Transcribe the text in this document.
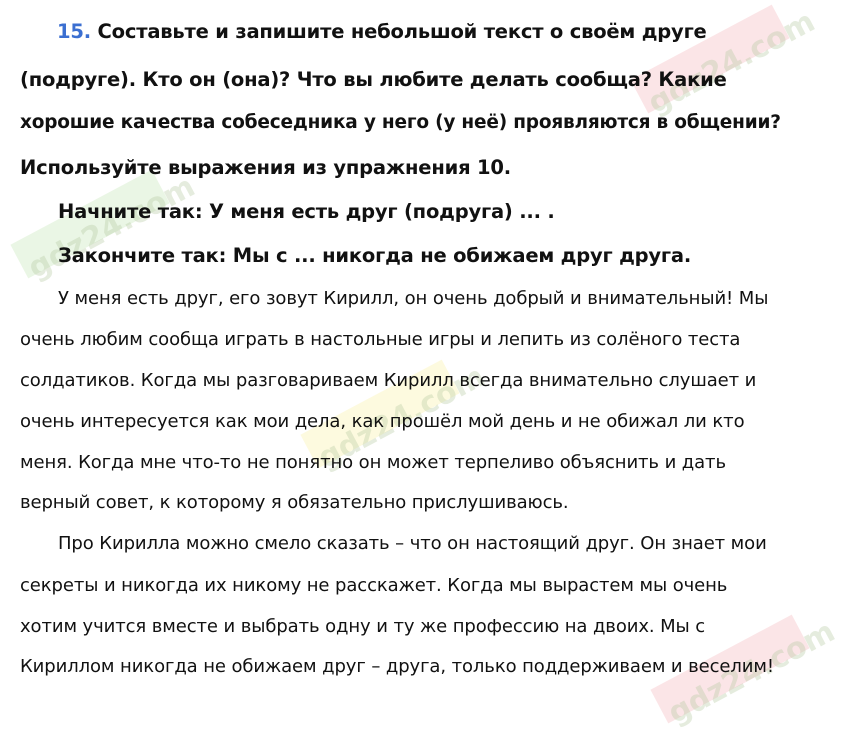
gdz24.com
gdz24.com
gdz24.com
gdz24.com
15. Составьте и запишите небольшой текст о своём друге
(подруге). Кто он (она)? Что вы любите делать сообща? Какие
хорошие качества собеседника у него (у неё) проявляются в общении?
Используйте выражения из упражнения 10.
Начните так: У меня есть друг (подруга) ... .
Закончите так: Мы с ... никогда не обижаем друг друга.
У меня есть друг, его зовут Кирилл, он очень добрый и внимательный! Мы
очень любим сообща играть в настольные игры и лепить из солёного теста
солдатиков. Когда мы разговариваем Кирилл всегда внимательно слушает и
очень интересуется как мои дела, как прошёл мой день и не обижал ли кто
меня. Когда мне что-то не понятно он может терпеливо объяснить и дать
верный совет, к которому я обязательно прислушиваюсь.
Про Кирилла можно смело сказать – что он настоящий друг. Он знает мои
секреты и никогда их никому не расскажет. Когда мы вырастем мы очень
хотим учится вместе и выбрать одну и ту же профессию на двоих. Мы с
Кириллом никогда не обижаем друг – друга, только поддерживаем и веселим!
